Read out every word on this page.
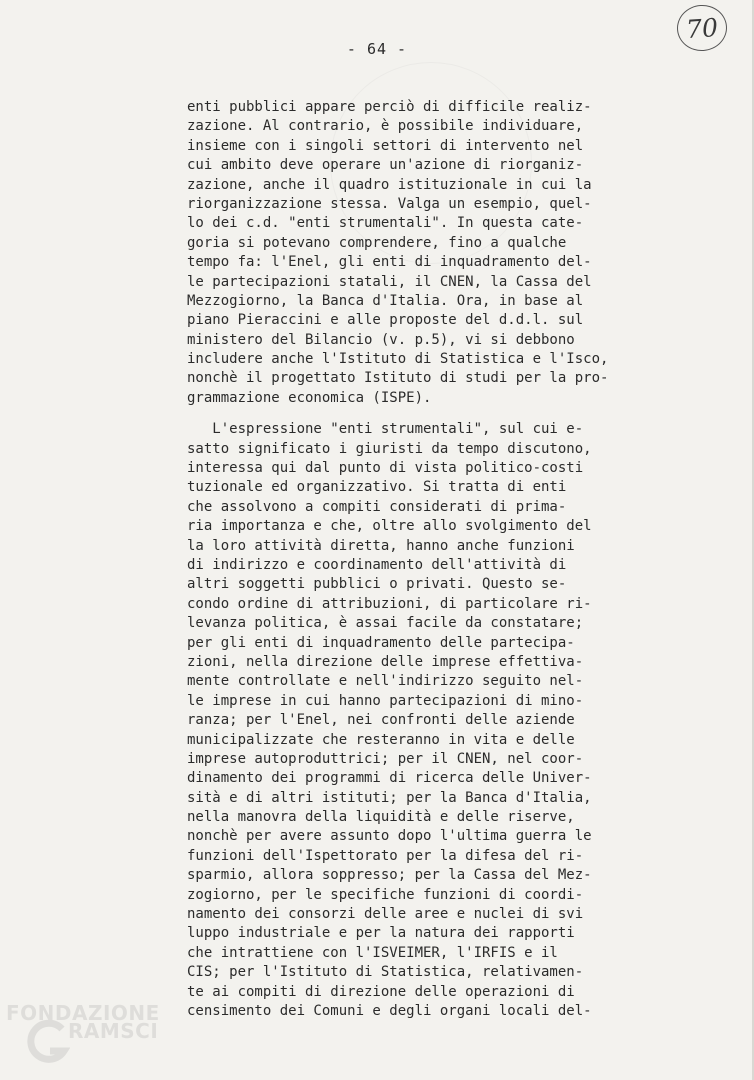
70
- 64 -
enti pubblici appare perciò di difficile realiz-
zazione. Al contrario, è possibile individuare,
insieme con i singoli settori di intervento nel
cui ambito deve operare un'azione di riorganiz-
zazione, anche il quadro istituzionale in cui la
riorganizzazione stessa. Valga un esempio, quel-
lo dei c.d. "enti strumentali". In questa cate-
goria si potevano comprendere, fino a qualche
tempo fa: l'Enel, gli enti di inquadramento del-
le partecipazioni statali, il CNEN, la Cassa del
Mezzogiorno, la Banca d'Italia. Ora, in base al
piano Pieraccini e alle proposte del d.d.l. sul
ministero del Bilancio (v. p.5), vi si debbono
includere anche l'Istituto di Statistica e l'Isco,
nonchè il progettato Istituto di studi per la pro-
grammazione economica (ISPE).
L'espressione "enti strumentali", sul cui e-
satto significato i giuristi da tempo discutono,
interessa qui dal punto di vista politico-costi
tuzionale ed organizzativo. Si tratta di enti
che assolvono a compiti considerati di prima-
ria importanza e che, oltre allo svolgimento del
la loro attività diretta, hanno anche funzioni
di indirizzo e coordinamento dell'attività di
altri soggetti pubblici o privati. Questo se-
condo ordine di attribuzioni, di particolare ri-
levanza politica, è assai facile da constatare;
per gli enti di inquadramento delle partecipa-
zioni, nella direzione delle imprese effettiva-
mente controllate e nell'indirizzo seguito nel-
le imprese in cui hanno partecipazioni di mino-
ranza; per l'Enel, nei confronti delle aziende
municipalizzate che resteranno in vita e delle
imprese autoproduttrici; per il CNEN, nel coor-
dinamento dei programmi di ricerca delle Univer-
sità e di altri istituti; per la Banca d'Italia,
nella manovra della liquidità e delle riserve,
nonchè per avere assunto dopo l'ultima guerra le
funzioni dell'Ispettorato per la difesa del ri-
sparmio, allora soppresso; per la Cassa del Mez-
zogiorno, per le specifiche funzioni di coordi-
namento dei consorzi delle aree e nuclei di svi
luppo industriale e per la natura dei rapporti
che intrattiene con l'ISVEIMER, l'IRFIS e il
CIS; per l'Istituto di Statistica, relativamen-
te ai compiti di direzione delle operazioni di
censimento dei Comuni e degli organi locali del-
FONDAZIONE
RAMSCI
